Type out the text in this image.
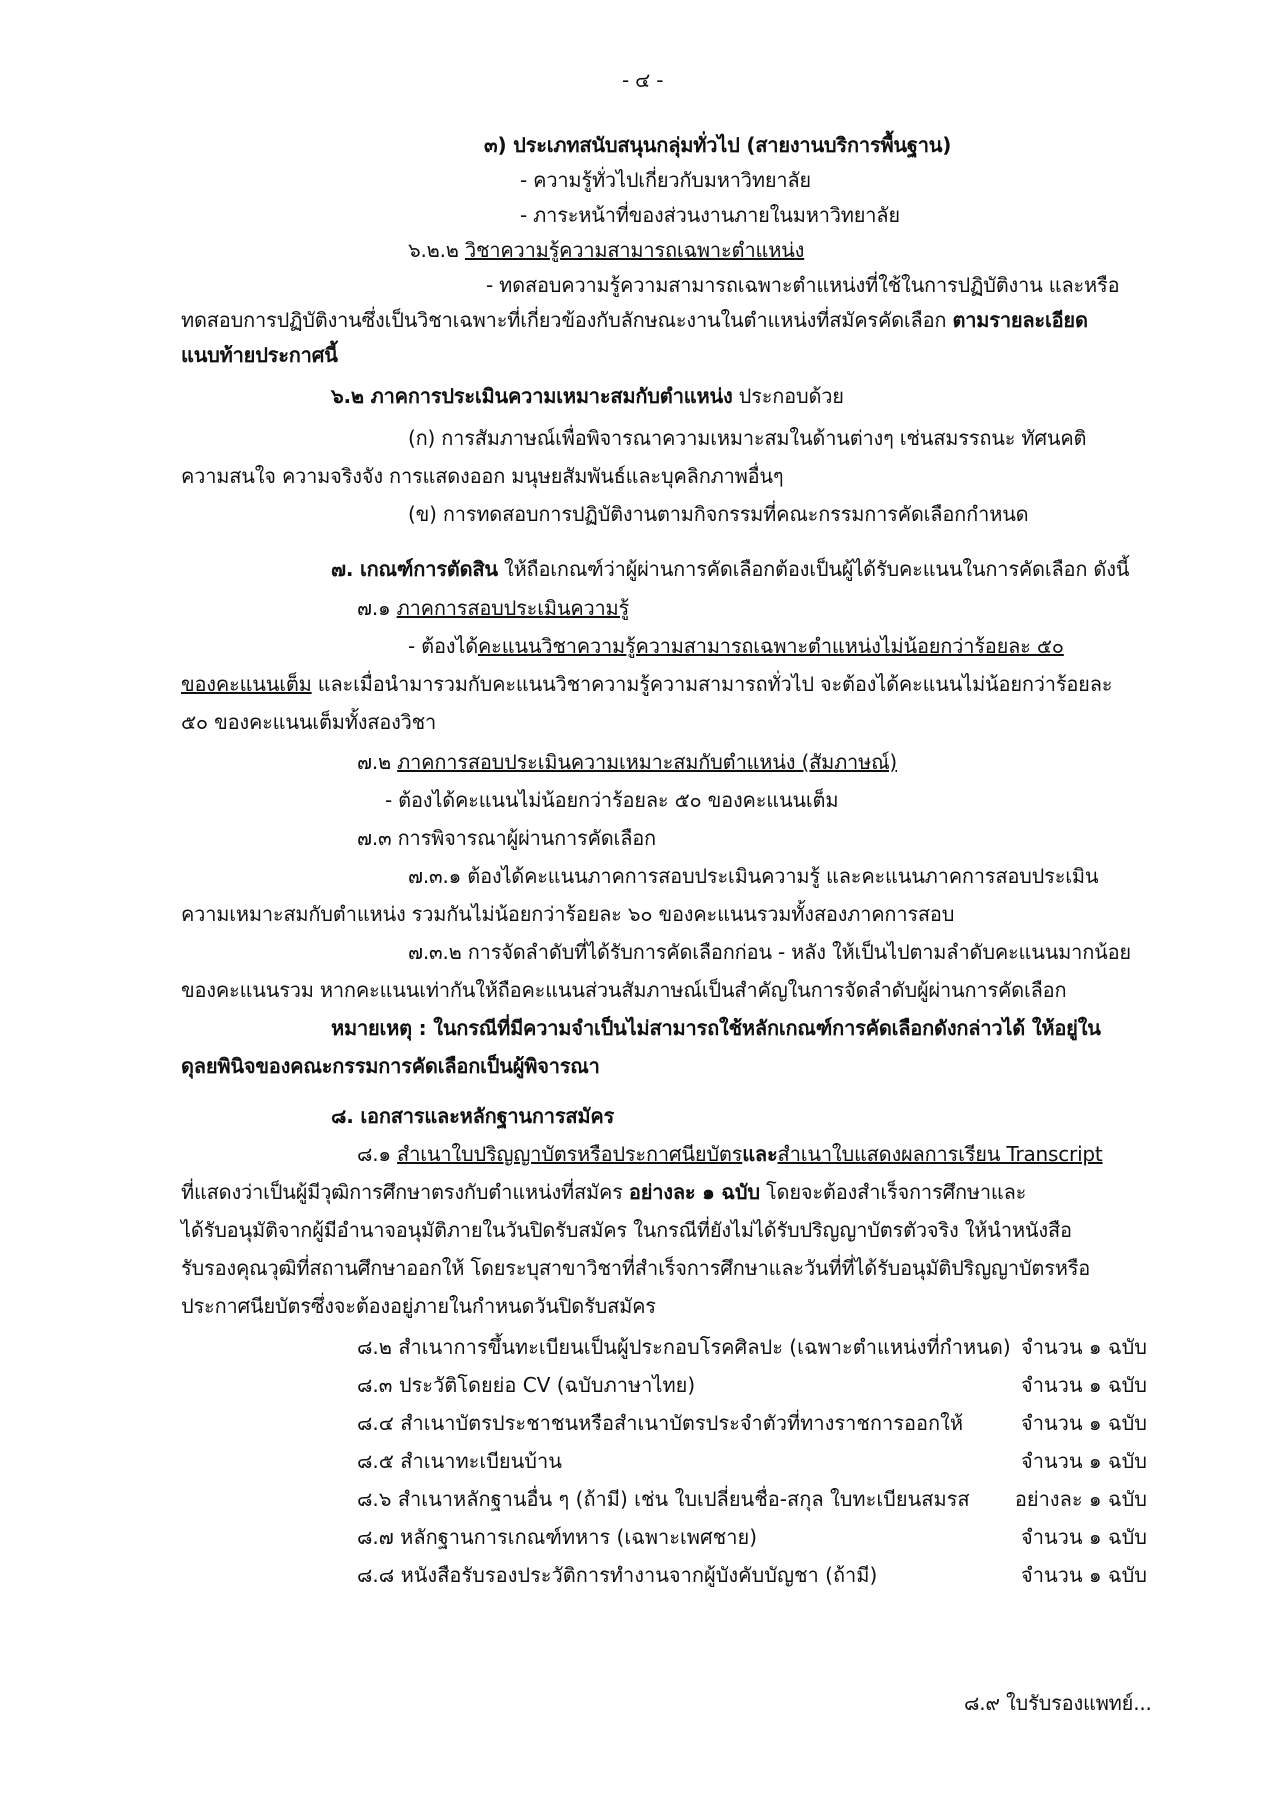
- ๔ -
๓) ประเภทสนับสนุนกลุ่มทั่วไป (สายงานบริการพื้นฐาน)
- ความรู้ทั่วไปเกี่ยวกับมหาวิทยาลัย
- ภาระหน้าที่ของส่วนงานภายในมหาวิทยาลัย
๖.๒.๒ วิชาความรู้ความสามารถเฉพาะตำแหน่ง
- ทดสอบความรู้ความสามารถเฉพาะตำแหน่งที่ใช้ในการปฏิบัติงาน และหรือ
ทดสอบการปฏิบัติงานซึ่งเป็นวิชาเฉพาะที่เกี่ยวข้องกับลักษณะงานในตำแหน่งที่สมัครคัดเลือก ตามรายละเอียด
แนบท้ายประกาศนี้
๖.๒ ภาคการประเมินความเหมาะสมกับตำแหน่ง ประกอบด้วย
(ก) การสัมภาษณ์เพื่อพิจารณาความเหมาะสมในด้านต่างๆ เช่นสมรรถนะ ทัศนคติ
ความสนใจ ความจริงจัง การแสดงออก มนุษยสัมพันธ์และบุคลิกภาพอื่นๆ
(ข) การทดสอบการปฏิบัติงานตามกิจกรรมที่คณะกรรมการคัดเลือกกำหนด
๗. เกณฑ์การตัดสิน ให้ถือเกณฑ์ว่าผู้ผ่านการคัดเลือกต้องเป็นผู้ได้รับคะแนนในการคัดเลือก ดังนี้
๗.๑ ภาคการสอบประเมินความรู้
- ต้องได้คะแนนวิชาความรู้ความสามารถเฉพาะตำแหน่งไม่น้อยกว่าร้อยละ ๕๐
ของคะแนนเต็ม และเมื่อนำมารวมกับคะแนนวิชาความรู้ความสามารถทั่วไป จะต้องได้คะแนนไม่น้อยกว่าร้อยละ
๕๐ ของคะแนนเต็มทั้งสองวิชา
๗.๒ ภาคการสอบประเมินความเหมาะสมกับตำแหน่ง (สัมภาษณ์)
- ต้องได้คะแนนไม่น้อยกว่าร้อยละ ๕๐ ของคะแนนเต็ม
๗.๓ การพิจารณาผู้ผ่านการคัดเลือก
๗.๓.๑ ต้องได้คะแนนภาคการสอบประเมินความรู้ และคะแนนภาคการสอบประเมิน
ความเหมาะสมกับตำแหน่ง รวมกันไม่น้อยกว่าร้อยละ ๖๐ ของคะแนนรวมทั้งสองภาคการสอบ
๗.๓.๒ การจัดลำดับที่ได้รับการคัดเลือกก่อน - หลัง ให้เป็นไปตามลำดับคะแนนมากน้อย
ของคะแนนรวม หากคะแนนเท่ากันให้ถือคะแนนส่วนสัมภาษณ์เป็นสำคัญในการจัดลำดับผู้ผ่านการคัดเลือก
หมายเหตุ : ในกรณีที่มีความจำเป็นไม่สามารถใช้หลักเกณฑ์การคัดเลือกดังกล่าวได้ ให้อยู่ใน
ดุลยพินิจของคณะกรรมการคัดเลือกเป็นผู้พิจารณา
๘. เอกสารและหลักฐานการสมัคร
๘.๑ สำเนาใบปริญญาบัตรหรือประกาศนียบัตรและสำเนาใบแสดงผลการเรียน Transcript
ที่แสดงว่าเป็นผู้มีวุฒิการศึกษาตรงกับตำแหน่งที่สมัคร อย่างละ ๑ ฉบับ โดยจะต้องสำเร็จการศึกษาและ
ได้รับอนุมัติจากผู้มีอำนาจอนุมัติภายในวันปิดรับสมัคร ในกรณีที่ยังไม่ได้รับปริญญาบัตรตัวจริง ให้นำหนังสือ
รับรองคุณวุฒิที่สถานศึกษาออกให้ โดยระบุสาขาวิชาที่สำเร็จการศึกษาและวันที่ที่ได้รับอนุมัติปริญญาบัตรหรือ
ประกาศนียบัตรซึ่งจะต้องอยู่ภายในกำหนดวันปิดรับสมัคร
๘.๒ สำเนาการขึ้นทะเบียนเป็นผู้ประกอบโรคศิลปะ (เฉพาะตำแหน่งที่กำหนด) จำนวน ๑ ฉบับ
๘.๓ ประวัติโดยย่อ CV (ฉบับภาษาไทย)	จำนวน ๑ ฉบับ
๘.๔ สำเนาบัตรประชาชนหรือสำเนาบัตรประจำตัวที่ทางราชการออกให้	จำนวน ๑ ฉบับ
๘.๕ สำเนาทะเบียนบ้าน	จำนวน ๑ ฉบับ
๘.๖ สำเนาหลักฐานอื่น ๆ (ถ้ามี) เช่น ใบเปลี่ยนชื่อ-สกุล ใบทะเบียนสมรส อย่างละ ๑ ฉบับ
๘.๗ หลักฐานการเกณฑ์ทหาร (เฉพาะเพศชาย)	จำนวน ๑ ฉบับ
๘.๘ หนังสือรับรองประวัติการทำงานจากผู้บังคับบัญชา (ถ้ามี)	จำนวน ๑ ฉบับ
๘.๙ ใบรับรองแพทย์...
